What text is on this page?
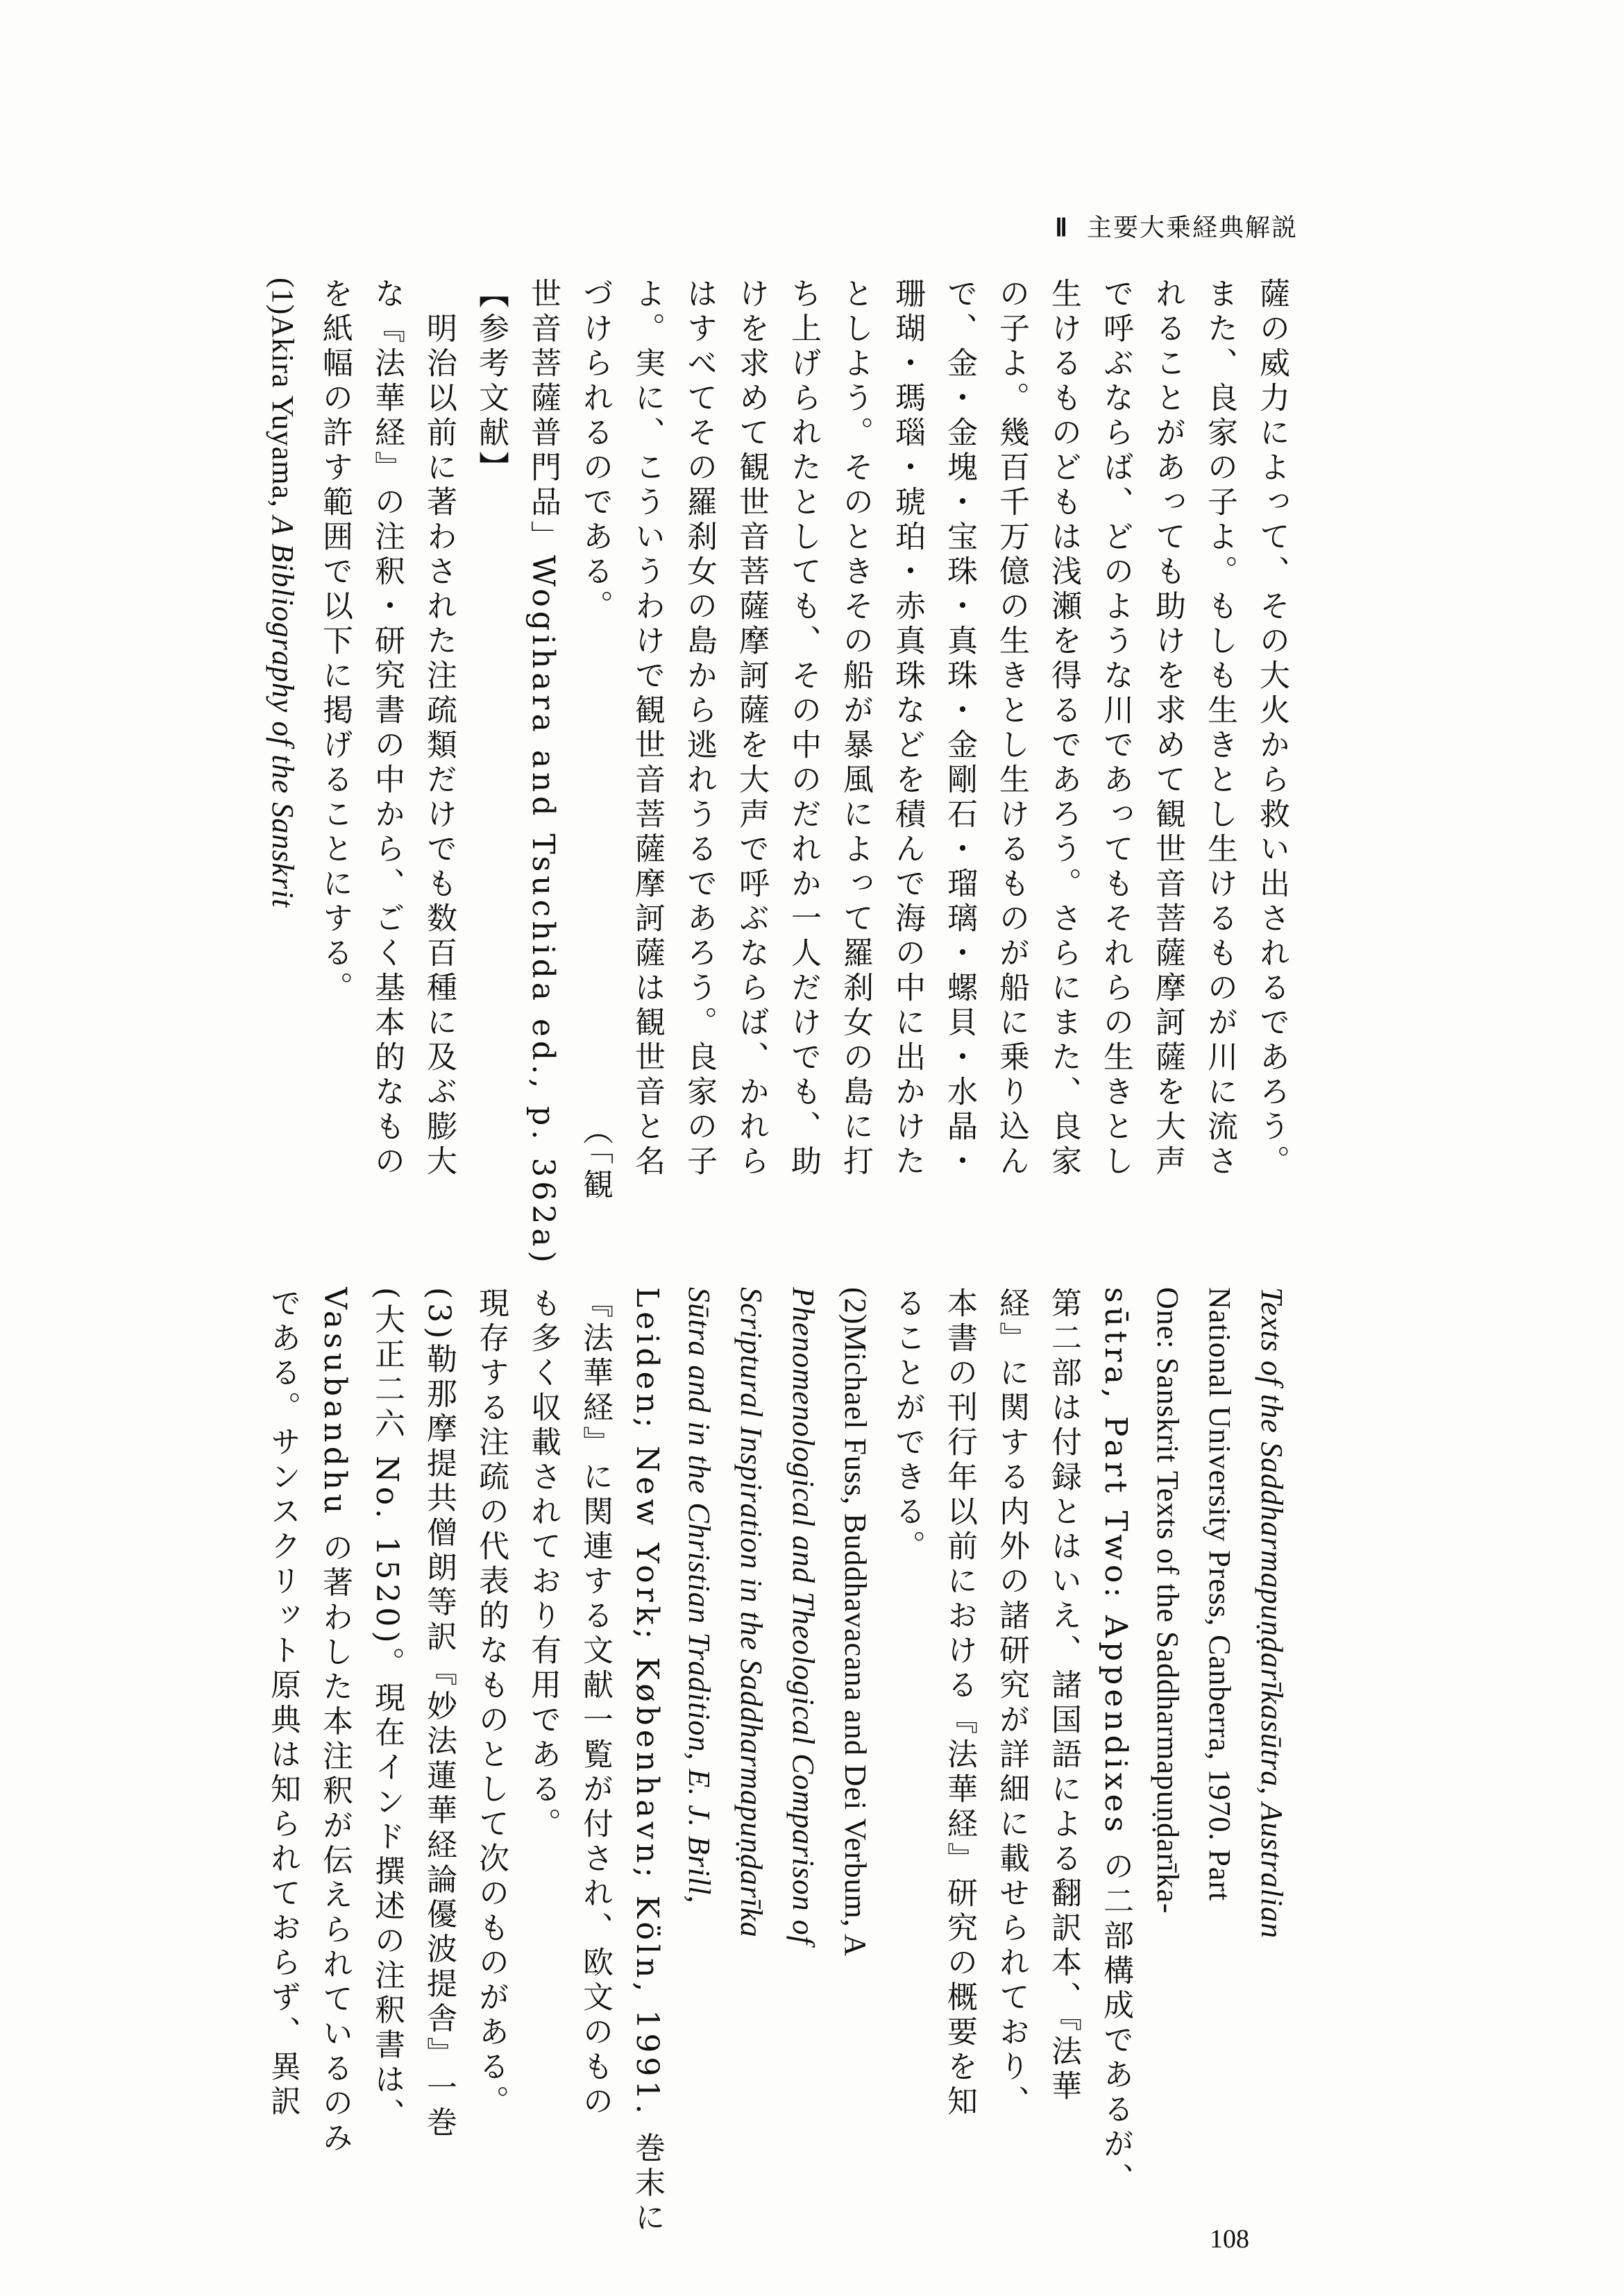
Ⅱ 主要大乗経典解説
薩の威力によって、その大火から救い出されるであろう。
また、良家の子よ。もしも生きとし生けるものが川に流さ
れることがあっても助けを求めて観世音菩薩摩訶薩を大声
で呼ぶならば、どのような川であってもそれらの生きとし
生けるものどもは浅瀬を得るであろう。さらにまた、良家
の子よ。幾百千万億の生きとし生けるものが船に乗り込ん
で、金・金塊・宝珠・真珠・金剛石・瑠璃・螺貝・水晶・
珊瑚・瑪瑙・琥珀・赤真珠などを積んで海の中に出かけた
としよう。そのときその船が暴風によって羅刹女の島に打
ち上げられたとしても、その中のだれか一人だけでも、助
けを求めて観世音菩薩摩訶薩を大声で呼ぶならば、かれら
はすべてその羅刹女の島から逃れうるであろう。良家の子
よ。実に、こういうわけで観世音菩薩摩訶薩は観世音と名
づけられるのである。　　　　　　　　　　　　　　　（「観
世音菩薩普門品」Wogihara and Tsuchida ed., p. 362a)
【参考文献】
　明治以前に著わされた注疏類だけでも数百種に及ぶ膨大
な『法華経』の注釈・研究書の中から、ごく基本的なもの
を紙幅の許す範囲で以下に掲げることにする。
(1)Akira Yuyama, A Bibliography of the Sanskrit
Texts of the Saddharmapuṇḍarīkasūtra, Australian
National University Press, Canberra, 1970. Part
One: Sanskrit Texts of the Saddharmapuṇḍarīka-
sūtra, Part Two: Appendixes の二部構成であるが、
第二部は付録とはいえ、諸国語による翻訳本、『法華
経』に関する内外の諸研究が詳細に載せられており、
本書の刊行年以前における『法華経』研究の概要を知
ることができる。
(2)Michael Fuss, Buddhavacana and Dei Verbum, A
Phenomenological and Theological Comparison of
Scriptural Inspiration in the Saddharmapuṇḍarīka
Sūtra and in the Christian Tradition, E. J. Brill,
Leiden; New York; København; Köln, 1991. 巻末に
『法華経』に関連する文献一覧が付され、欧文のもの
も多く収載されており有用である。
現存する注疏の代表的なものとして次のものがある。
(3)勒那摩提共僧朗等訳『妙法蓮華経論優波提舎』一巻
(大正二六 No. 1520)。現在インド撰述の注釈書は、
Vasubandhu の著わした本注釈が伝えられているのみ
である。サンスクリット原典は知られておらず、異訳
108
